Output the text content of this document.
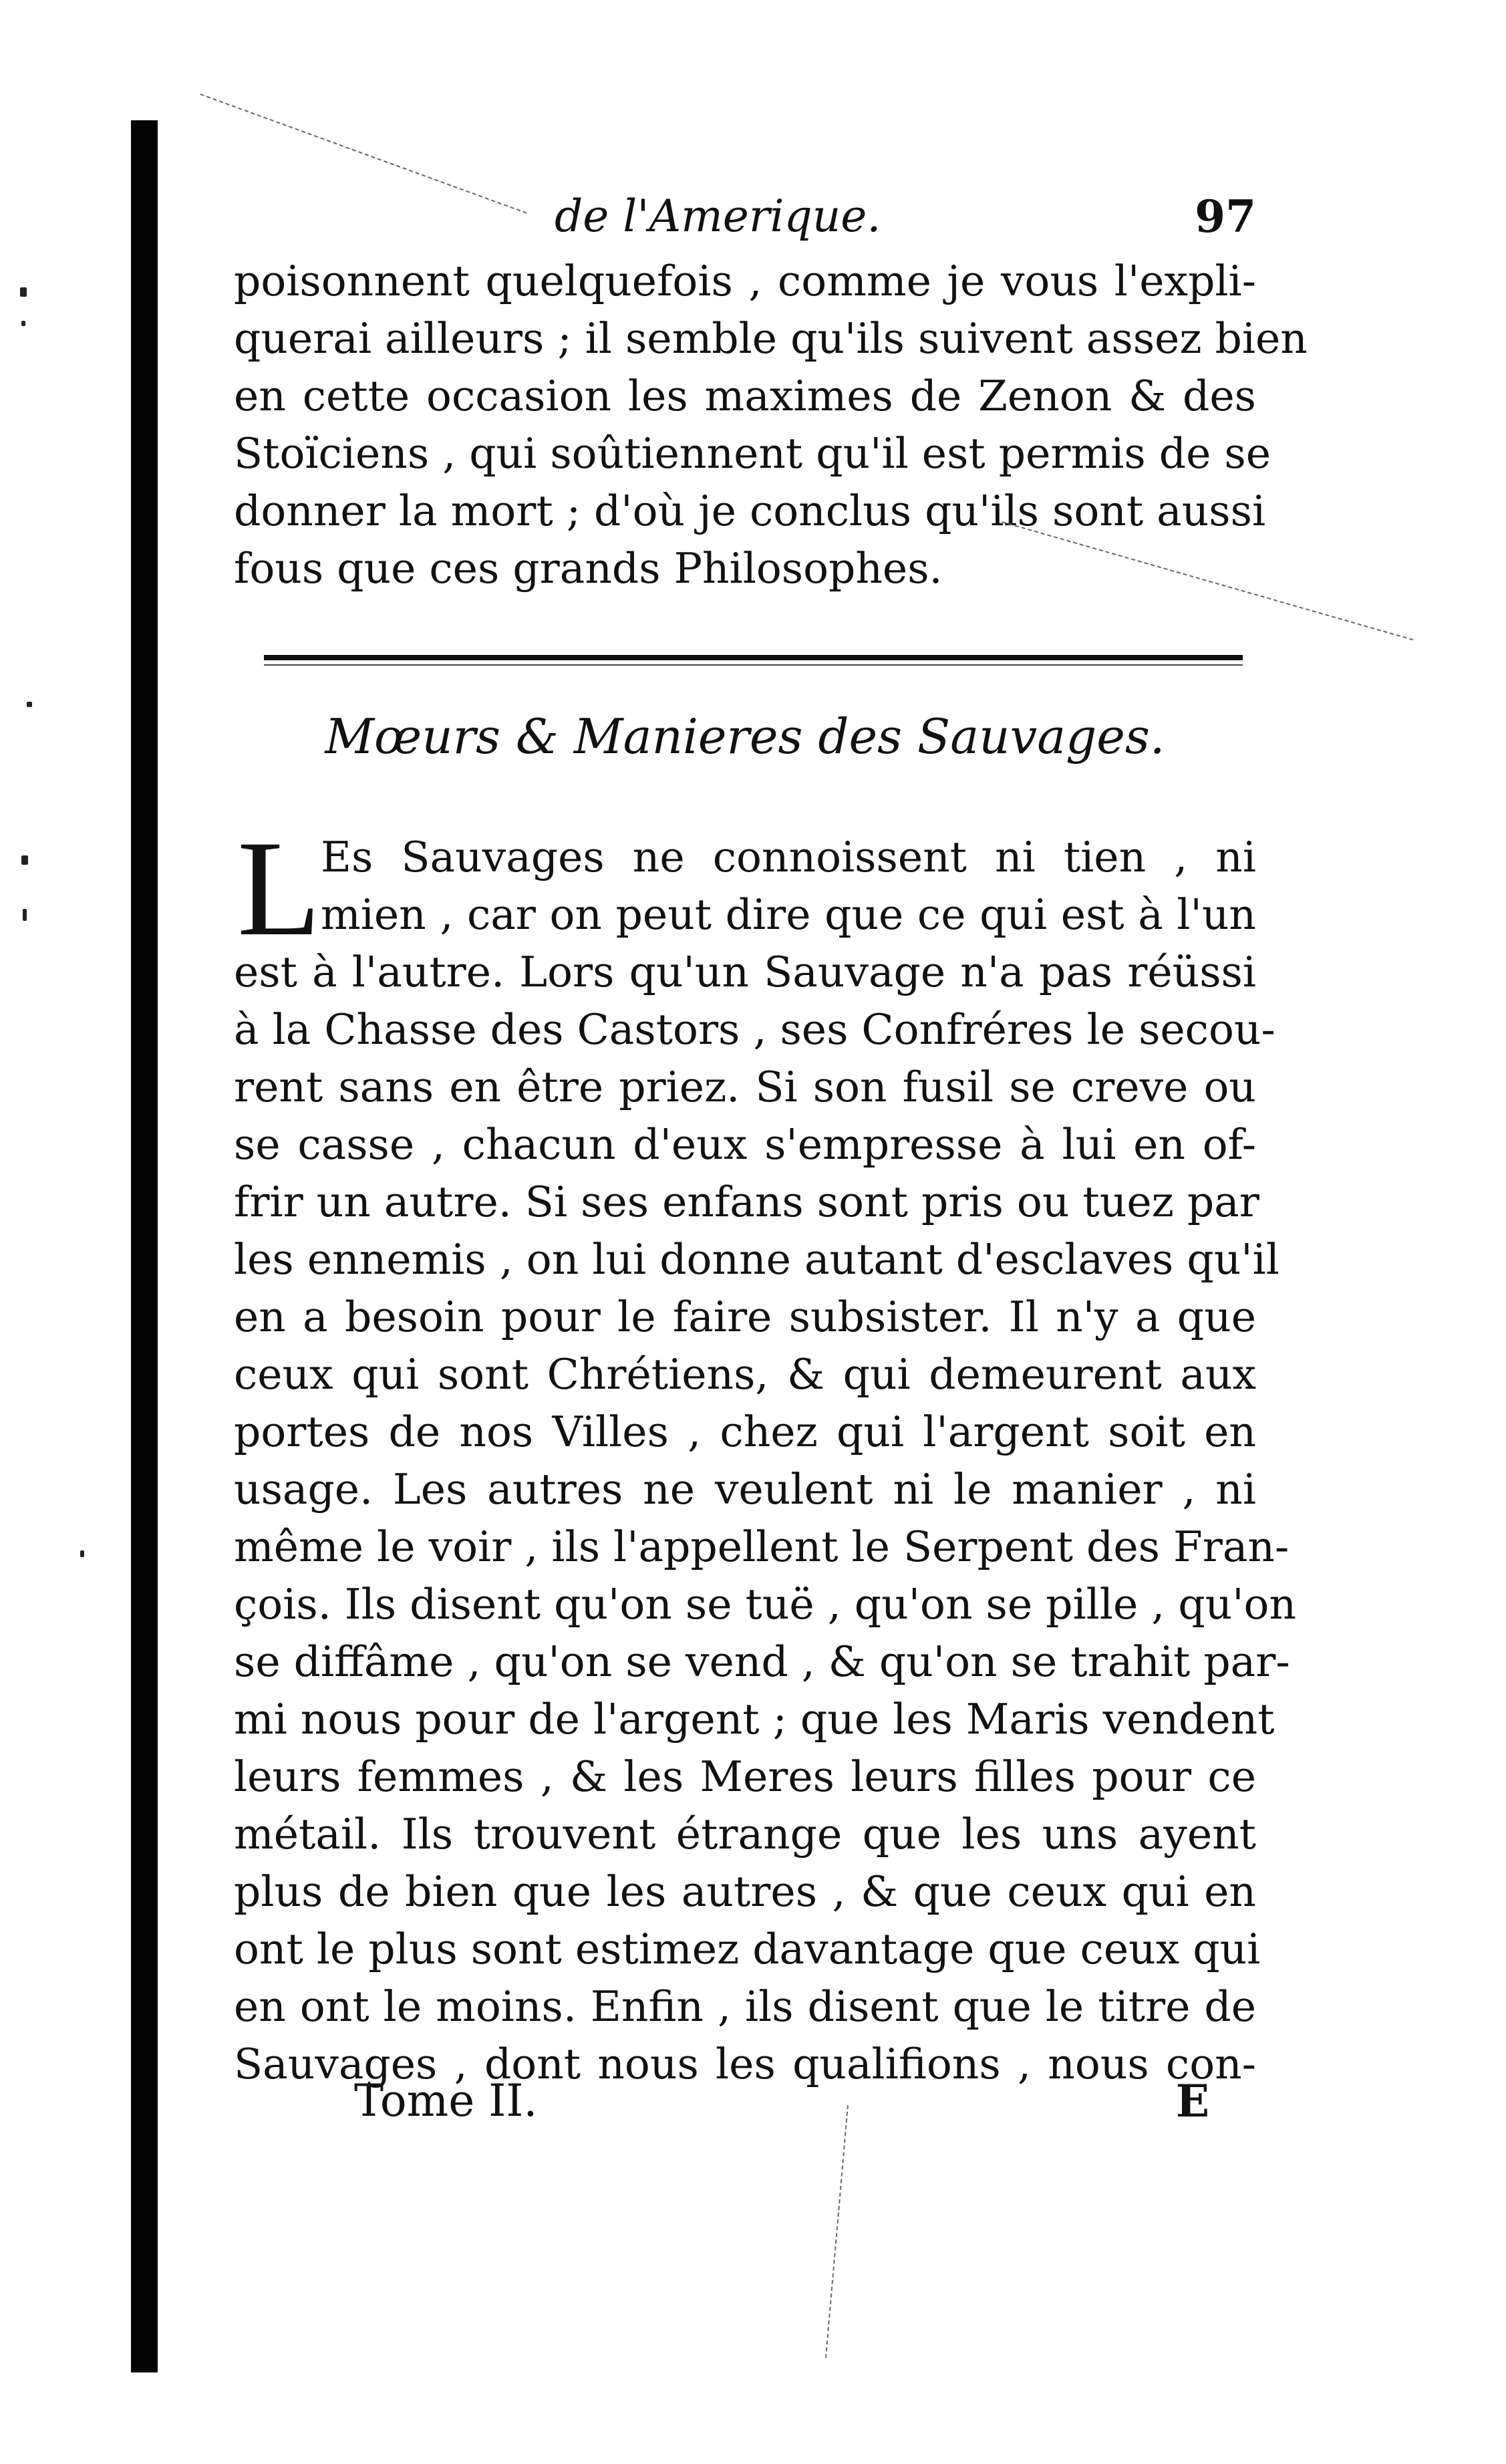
de l'Amerique.	97
poisonnent quelquefois , comme je vous l'expli-
querai ailleurs ; il semble qu'ils suivent assez bien
en cette occasion les maximes de Zenon & des
Stoïciens , qui soûtiennent qu'il est permis de se
donner la mort ; d'où je conclus qu'ils sont aussi
fous que ces grands Philosophes.
Mœurs & Manieres des Sauvages.
L Es Sauvages ne connoissent ni tien , ni
mien , car on peut dire que ce qui est à l'un
est à l'autre. Lors qu'un Sauvage n'a pas réüssi
à la Chasse des Castors , ses Confréres le secou-
rent sans en être priez. Si son fusil se creve ou
se casse , chacun d'eux s'empresse à lui en of-
frir un autre. Si ses enfans sont pris ou tuez par
les ennemis , on lui donne autant d'esclaves qu'il
en a besoin pour le faire subsister. Il n'y a que
ceux qui sont Chrétiens, & qui demeurent aux
portes de nos Villes , chez qui l'argent soit en
usage. Les autres ne veulent ni le manier , ni
même le voir , ils l'appellent le Serpent des Fran-
çois. Ils disent qu'on se tuë , qu'on se pille , qu'on
se diffâme , qu'on se vend , & qu'on se trahit par-
mi nous pour de l'argent ; que les Maris vendent
leurs femmes , & les Meres leurs filles pour ce
métail. Ils trouvent étrange que les uns ayent
plus de bien que les autres , & que ceux qui en
ont le plus sont estimez davantage que ceux qui
en ont le moins. Enfin , ils disent que le titre de
Sauvages , dont nous les qualifions , nous con-
Tome II.	E
